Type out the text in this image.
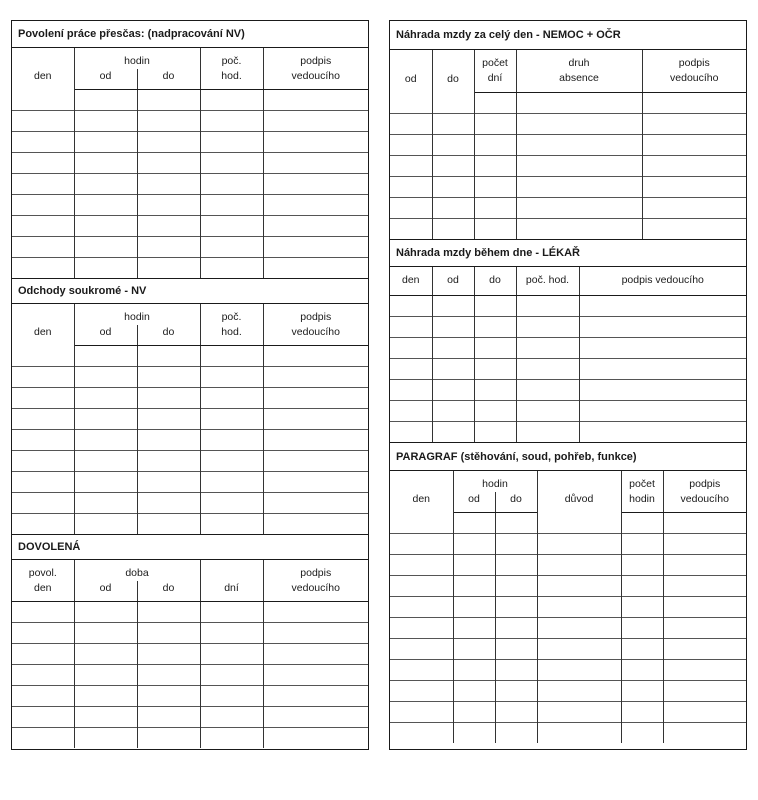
Povolení práce přesčas: (nadpracování NV)
den	hodin		poč.	podpis
	od	do	hod.	vedoucího

Odchody soukromé - NV
den	hodin		poč.	podpis
	od	do	hod.	vedoucího

DOVOLENÁ
povol.	doba			podpis
den	od	do	dní	vedoucího

Náhrada mzdy za celý den - NEMOC + OČR
od	do	počet	druh	podpis
		dní	absence	vedoucího

Náhrada mzdy během dne - LÉKAŘ
den	od	do	poč. hod.	podpis vedoucího

PARAGRAF (stěhování, soud, pohřeb, funkce)
den	hodin		důvod	počet	podpis
	od	do		hodin	vedoucího
